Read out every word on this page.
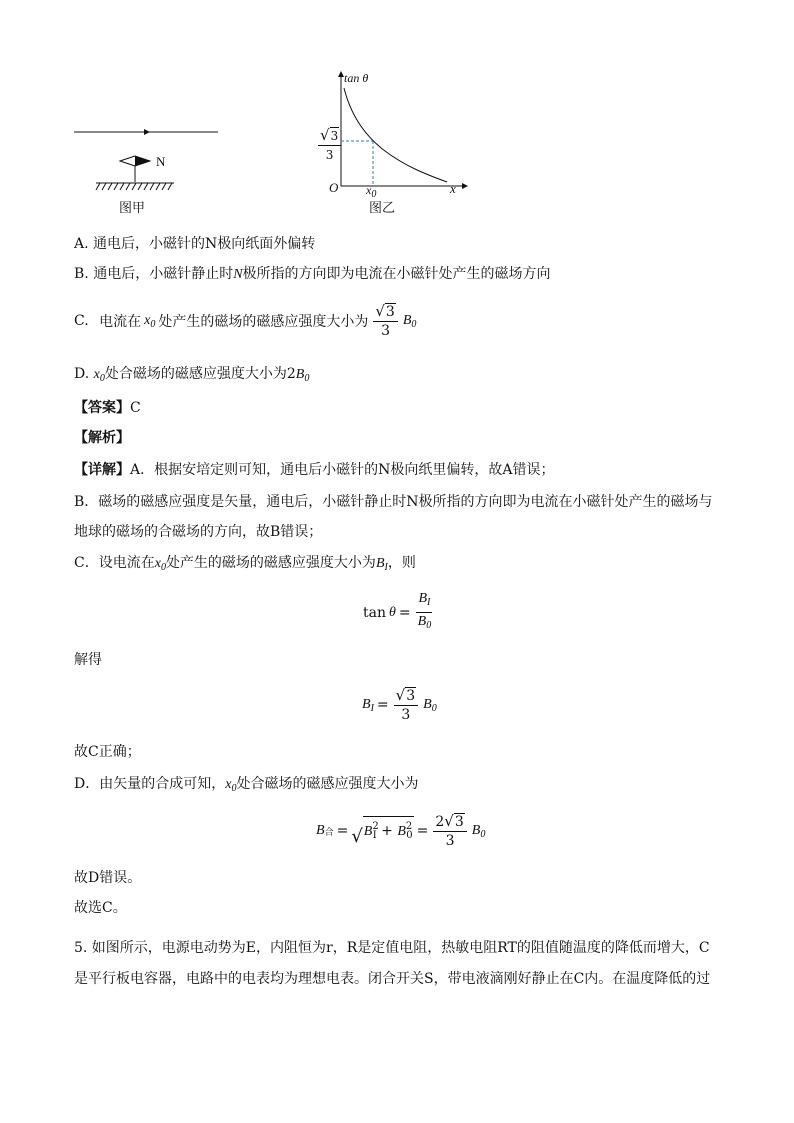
N
图甲
tan θ
O	x
$x_0$
$\frac{√ 3}{3}$
图乙
A. 通电后，小磁针的N极向纸面外偏转
B. 通电后，小磁针静止时N极所指的方向即为电流在小磁针处产生的磁场方向
C.
电流在 $x_0$ 处产生的磁场的磁感应强度大小为 $\frac{√ 3}{3} B_0$
D. $x_0$处合磁场的磁感应强度大小为$2B_0$
【答案】C
【解析】
【详解】A．根据安培定则可知，通电后小磁针的N极向纸里偏转，故A错误；
B．磁场的磁感应强度是矢量，通电后，小磁针静止时N极所指的方向即为电流在小磁针处产生的磁场与
地球的磁场的合磁场的方向，故B错误；
C．设电流在$x_0$处产生的磁场的磁感应强度大小为$B_I$，则
$\tan \theta = \frac{B_I}{B_0}$
解得
$B_I = \frac{√ 3}{3} B_0$
故C正确；
D．由矢量的合成可知，$x_0$处合磁场的磁感应强度大小为
B 合 = √ $B^2_I + B^2_0 = \frac{2 √ 3}{3} B_0$
故D错误。
故选C。
5. 如图所示，电源电动势为E，内阻恒为r，R是定值电阻，热敏电阻RT的阻值随温度的降低而增大，C
是平行板电容器，电路中的电表均为理想电表。闭合开关S，带电液滴刚好静止在C内。在温度降低的过
